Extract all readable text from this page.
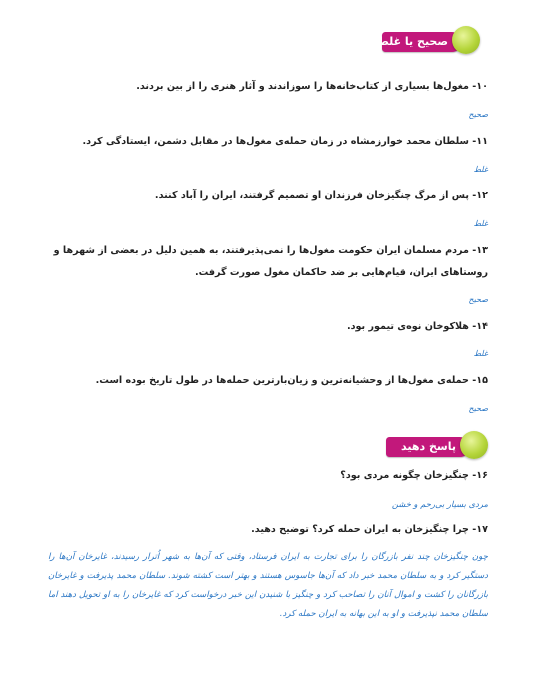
صحیح یا غلط
۱۰- مغول‌ها بسیاری از کتاب‌خانه‌ها را سوزاندند و آثار هنری را از بین بردند.
صحیح
۱۱- سلطان محمد خوارزمشاه در زمان حمله‌ی مغول‌ها در مقابل دشمن، ایستادگی کرد.
غلط
۱۲- پس از مرگ چنگیزخان فرزندان او تصمیم گرفتند، ایران را آباد کنند.
غلط
۱۳- مردم مسلمان ایران حکومت مغول‌ها را نمی‌پذیرفتند، به همین دلیل در بعضی از شهرها و روستاهای ایران، قیام‌هایی بر ضد حاکمان مغول صورت گرفت.
صحیح
۱۴- هلاکوخان نوه‌ی تیمور بود.
غلط
۱۵- حمله‌ی مغول‌ها از وحشیانه‌ترین و زیان‌بارترین حمله‌ها در طول تاریخ بوده است.
صحیح
پاسخ دهید
۱۶- چنگیزخان چگونه مردی بود؟
مردی بسیار بی‌رحم و خشن
۱۷- چرا چنگیزخان به ایران حمله کرد؟ توضیح دهید.
چون چنگیزخان چند نفر بازرگان را برای تجارت به ایران فرستاد، وقتی که آن‌ها به شهر اُترار رسیدند، غایرخان آن‌ها را دستگیر کرد و به سلطان محمد خبر داد که آن‌ها جاسوس هستند و بهتر است کشته شوند. سلطان محمد پذیرفت و غایرخان بازرگانان را کشت و اموال آنان را تصاحب کرد و چنگیز با شنیدن این خبر درخواست کرد که غایرخان را به او تحویل دهند اما سلطان محمد نپذیرفت و او به این بهانه به ایران حمله کرد.
